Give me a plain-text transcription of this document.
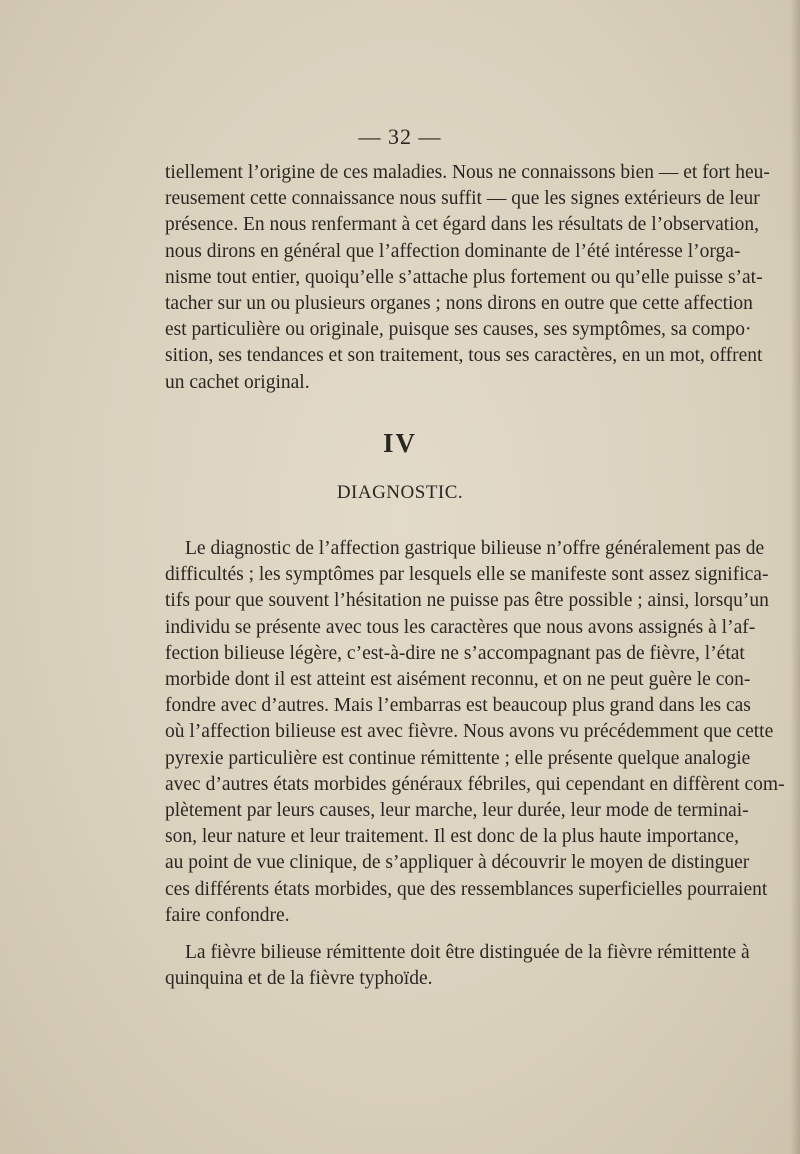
— 32 —
tiellement l’origine de ces maladies. Nous ne connaissons bien — et fort heu-
reusement cette connaissance nous suffit — que les signes extérieurs de leur
présence. En nous renfermant à cet égard dans les résultats de l’observation,
nous dirons en général que l’affection dominante de l’été intéresse l’orga-
nisme tout entier, quoiqu’elle s’attache plus fortement ou qu’elle puisse s’at-
tacher sur un ou plusieurs organes ; nons dirons en outre que cette affection
est particulière ou originale, puisque ses causes, ses symptômes, sa compo·
sition, ses tendances et son traitement, tous ses caractères, en un mot, offrent
un cachet original.
IV
DIAGNOSTIC.
Le diagnostic de l’affection gastrique bilieuse n’offre généralement pas de
difficultés ; les symptômes par lesquels elle se manifeste sont assez significa-
tifs pour que souvent l’hésitation ne puisse pas être possible ; ainsi, lorsqu’un
individu se présente avec tous les caractères que nous avons assignés à l’af-
fection bilieuse légère, c’est-à-dire ne s’accompagnant pas de fièvre, l’état
morbide dont il est atteint est aisément reconnu, et on ne peut guère le con-
fondre avec d’autres. Mais l’embarras est beaucoup plus grand dans les cas
où l’affection bilieuse est avec fièvre. Nous avons vu précédemment que cette
pyrexie particulière est continue rémittente ; elle présente quelque analogie
avec d’autres états morbides généraux fébriles, qui cependant en diffèrent com-
plètement par leurs causes, leur marche, leur durée, leur mode de terminai-
son, leur nature et leur traitement. Il est donc de la plus haute importance,
au point de vue clinique, de s’appliquer à découvrir le moyen de distinguer
ces différents états morbides, que des ressemblances superficielles pourraient
faire confondre.
La fièvre bilieuse rémittente doit être distinguée de la fièvre rémittente à
quinquina et de la fièvre typhoïde.
